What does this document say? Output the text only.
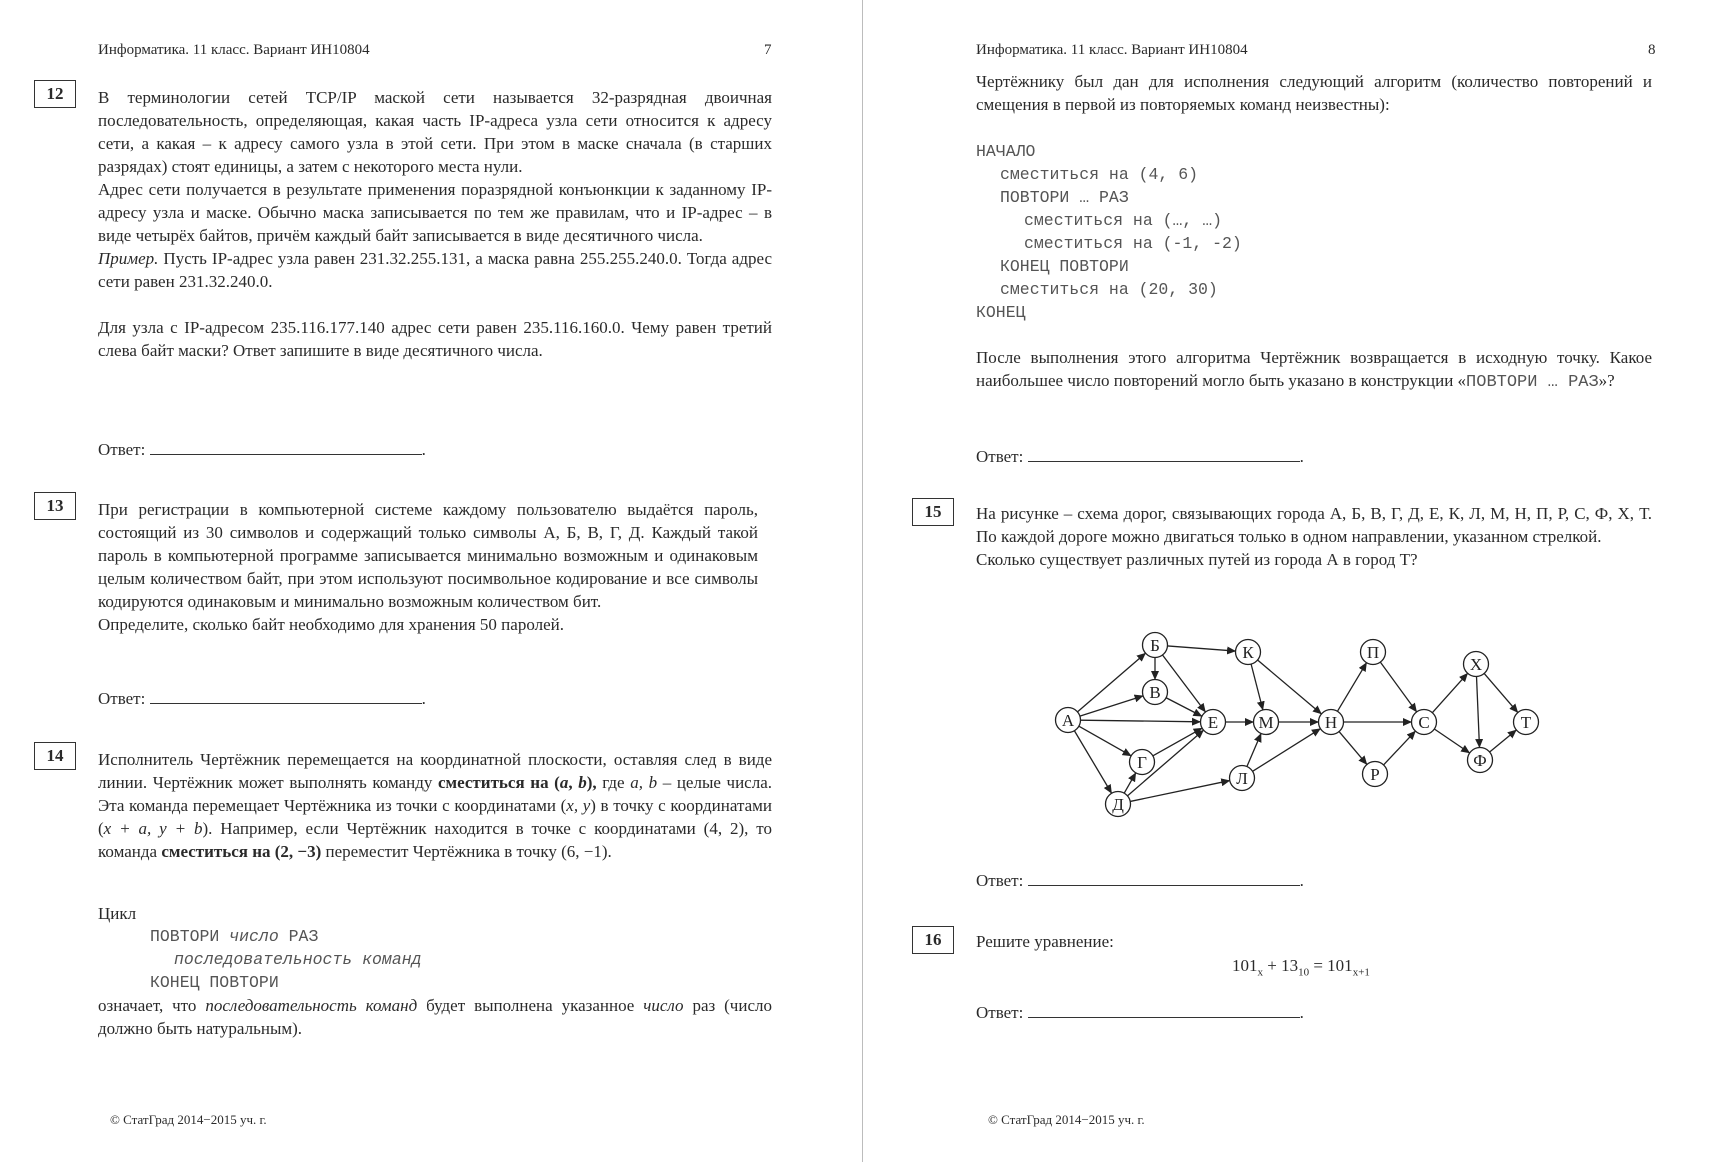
Информатика. 11 класс. Вариант ИН10804	7
12	В терминологии сетей TCP/IP маской сети называется 32-разрядная двоичная последовательность, определяющая, какая часть IP-адреса узла сети относится к адресу сети, а какая – к адресу самого узла в этой сети. При этом в маске сначала (в старших разрядах) стоят единицы, а затем с некоторого места нули.

Адрес сети получается в результате применения поразрядной конъюнкции к заданному IP-адресу узла и маске. Обычно маска записывается по тем же правилам, что и IP-адрес – в виде четырёх байтов, причём каждый байт записывается в виде десятичного числа.

Пример. Пусть IP-адрес узла равен 231.32.255.131, а маска равна 255.255.240.0. Тогда адрес сети равен 231.32.240.0.

Для узла с IP-адресом 235.116.177.140 адрес сети равен 235.116.160.0. Чему равен третий слева байт маски? Ответ запишите в виде десятичного числа.

Ответ:	.
13	При регистрации в компьютерной системе каждому пользователю выдаётся пароль, состоящий из 30 символов и содержащий только символы А, Б, В, Г, Д. Каждый такой пароль в компьютерной программе записывается минимально возможным и одинаковым целым количеством байт, при этом используют посимвольное кодирование и все символы кодируются одинаковым и минимально возможным количеством бит.

Определите, сколько байт необходимо для хранения 50 паролей.

Ответ:	.
14	Исполнитель Чертёжник перемещается на координатной плоскости, оставляя след в виде линии. Чертёжник может выполнять команду сместиться на (a, b), где a, b – целые числа. Эта команда перемещает Чертёжника из точки с координатами (x, y) в точку с координатами (x + a, y + b). Например, если Чертёжник находится в точке с координатами (4, 2), то команда сместиться на (2, −3) переместит Чертёжника в точку (6, −1).

Цикл
ПОВТОРИ число РАЗ
последовательность команд
КОНЕЦ ПОВТОРИ

означает, что последовательность команд будет выполнена указанное число раз (число должно быть натуральным).

© СтатГрад 2014−2015 уч. г.
Информатика. 11 класс. Вариант ИН10804	8
Чертёжнику был дан для исполнения следующий алгоритм (количество повторений и смещения в первой из повторяемых команд неизвестны):
НАЧАЛО
сместиться на (4, 6)
ПОВТОРИ … РАЗ
сместиться на (…, …)
сместиться на (-1, -2)
КОНЕЦ ПОВТОРИ
сместиться на (20, 30)
КОНЕЦ

После выполнения этого алгоритма Чертёжник возвращается в исходную точку. Какое наибольшее число повторений могло быть указано в конструкции «ПОВТОРИ … РАЗ»?

Ответ:	.
15	На рисунке – схема дорог, связывающих города А, Б, В, Г, Д, Е, К, Л, М, Н, П, Р, С, Ф, Х, Т. По каждой дороге можно двигаться только в одном направлении, указанном стрелкой.

Сколько существует различных путей из города А в город Т?

А
Б
В
Г
Д
Е
К
Л
М	Н
П
Р
С
Ф
Х
Т
Ответ:	.
16	Решите уравнение:
$101_x + 13_{10} = 101_{x+1}$
Ответ:	.
© СтатГрад 2014−2015 уч. г.
